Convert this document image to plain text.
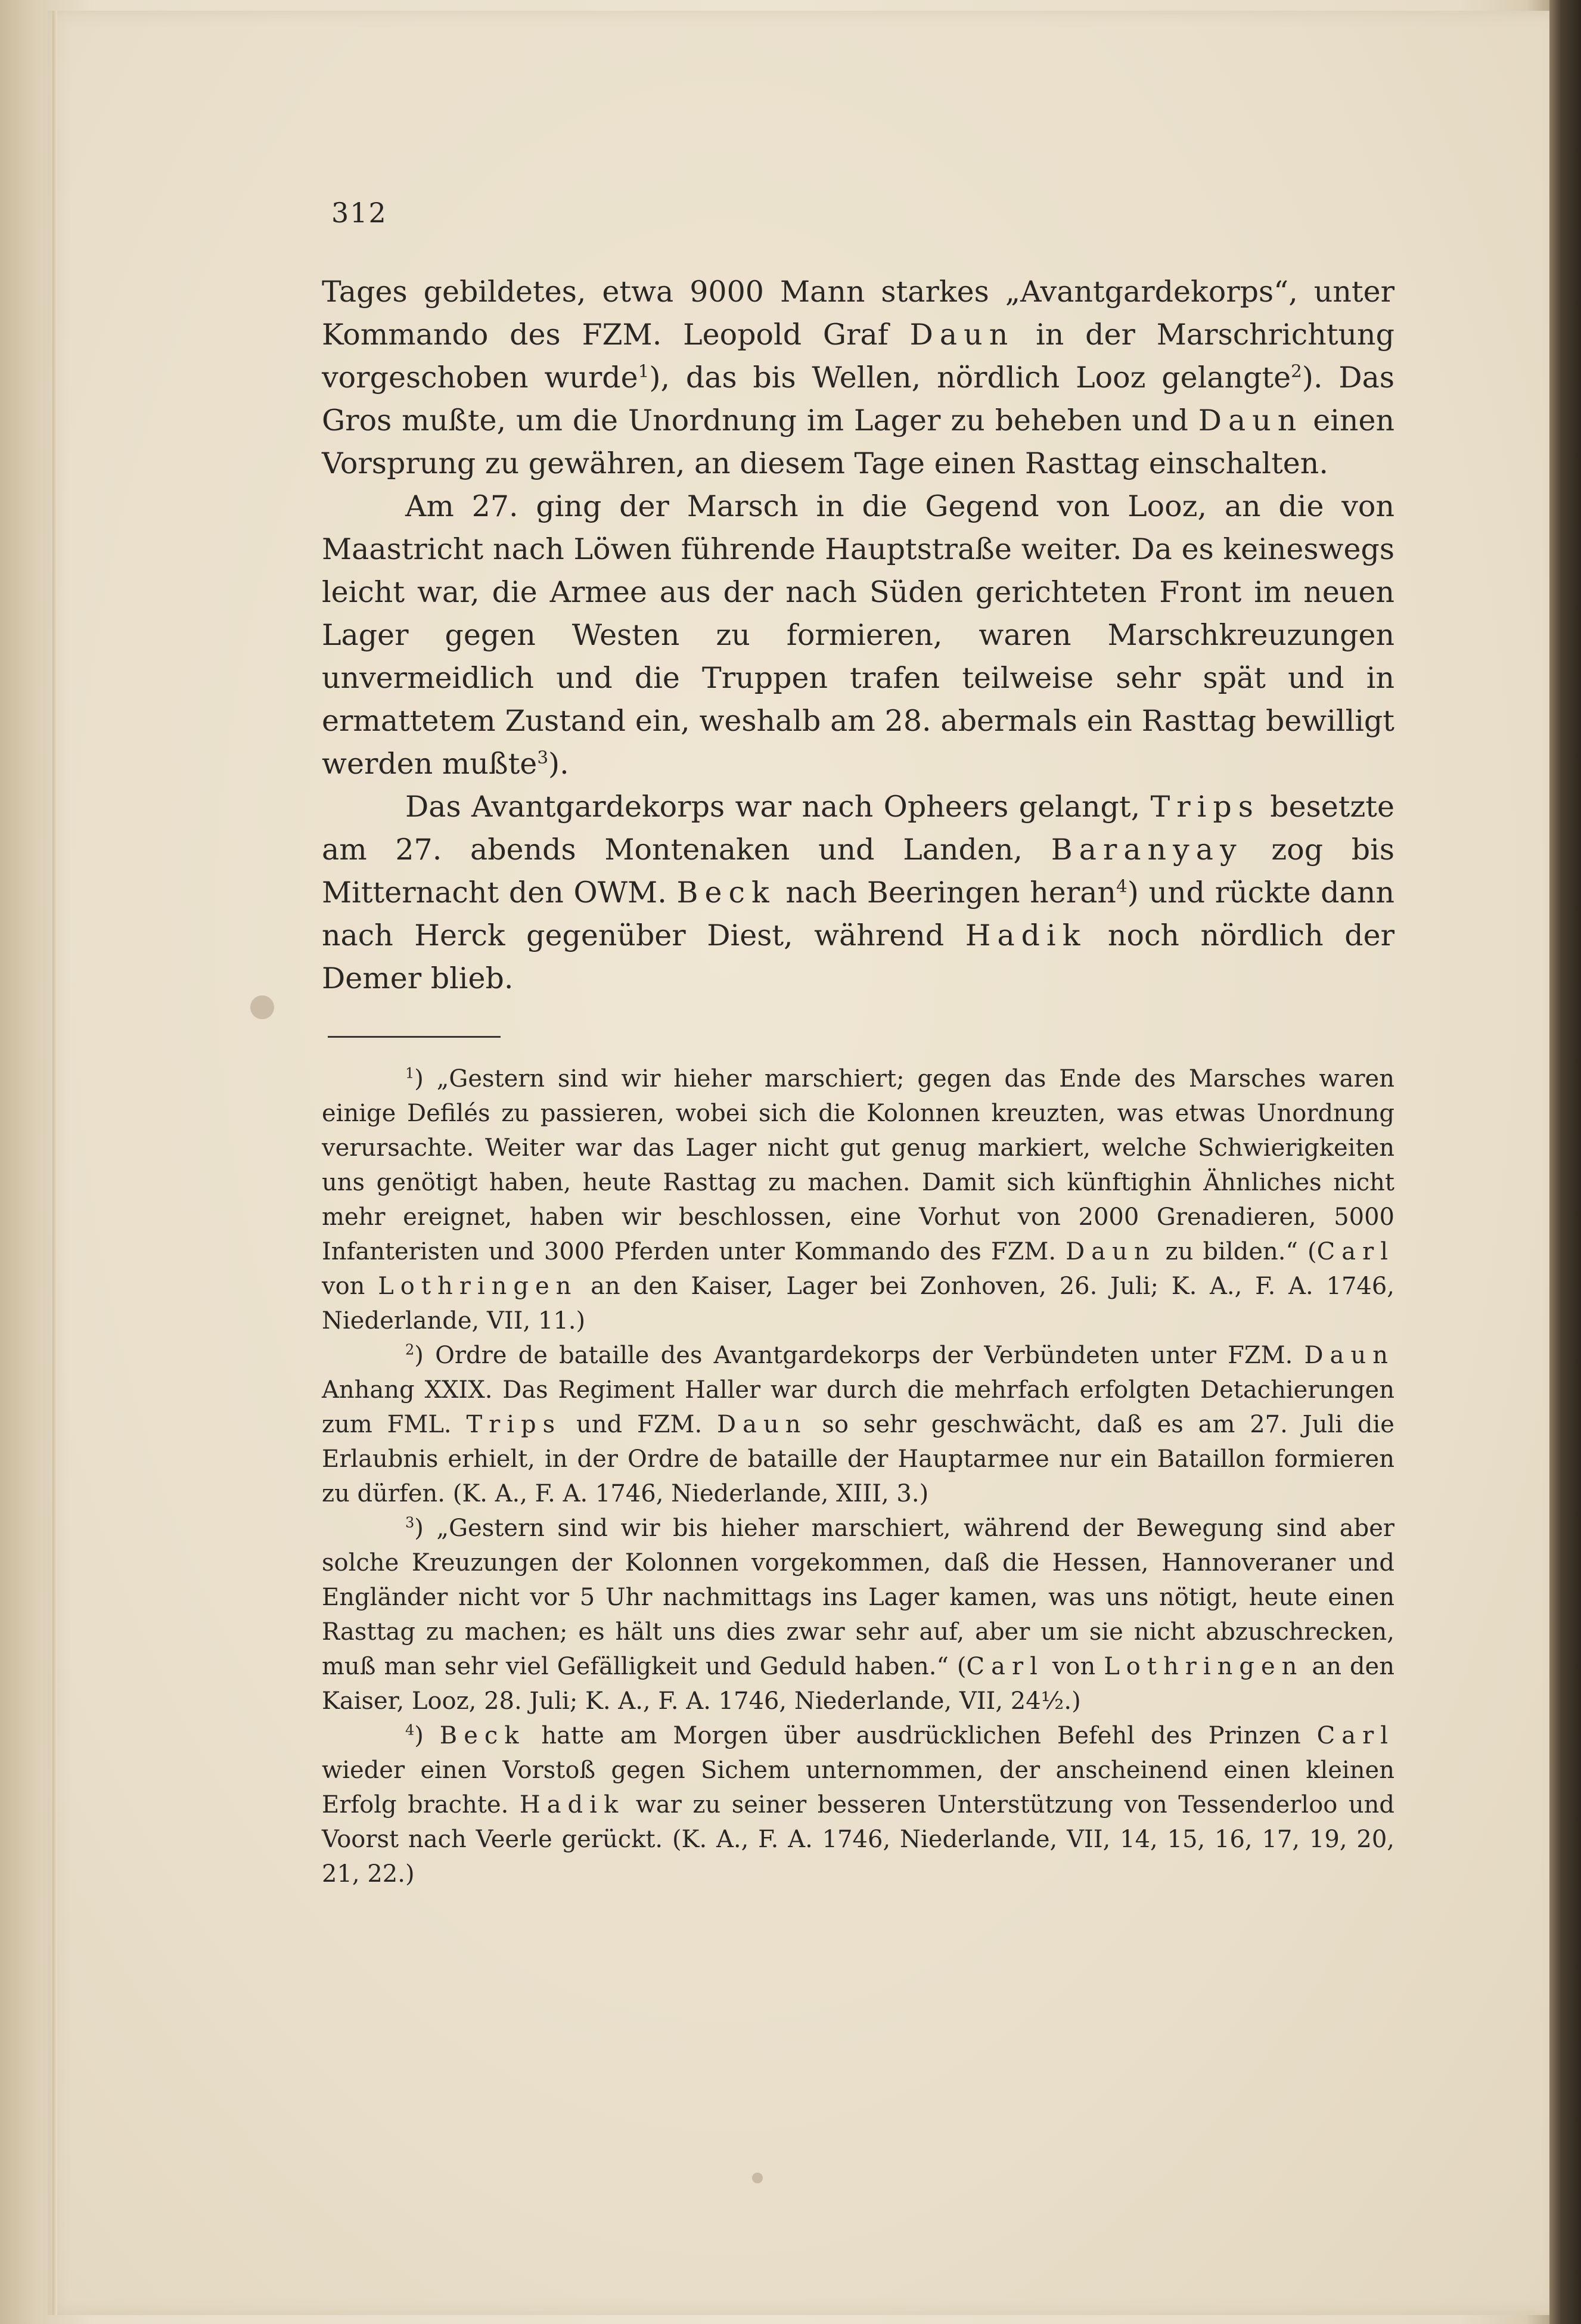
312

Tages gebildetes, etwa 9000 Mann starkes „Avantgardekorps“, unter Kommando des FZM. Leopold Graf Daun in der Marschrichtung vorgeschoben wurde$^1$), das bis Wellen, nördlich Looz gelangte$^2$). Das Gros mußte, um die Unordnung im Lager zu beheben und Daun einen Vorsprung zu gewähren, an diesem Tage einen Rasttag einschalten.

Am 27. ging der Marsch in die Gegend von Looz, an die von Maastricht nach Löwen führende Hauptstraße weiter. Da es keineswegs leicht war, die Armee aus der nach Süden gerichteten Front im neuen Lager gegen Westen zu formieren, waren Marschkreuzungen unvermeidlich und die Truppen trafen teilweise sehr spät und in ermattetem Zustand ein, weshalb am 28. abermals ein Rasttag bewilligt werden mußte$^3$).

Das Avantgardekorps war nach Opheers gelangt, Trips besetzte am 27. abends Montenaken und Landen, Baranyay zog bis Mitternacht den OWM. Beck nach Beeringen heran$^4$) und rückte dann nach Herck gegenüber Diest, während Hadik noch nördlich der Demer blieb.

$^1$) „Gestern sind wir hieher marschiert; gegen das Ende des Marsches waren einige Defilés zu passieren, wobei sich die Kolonnen kreuzten, was etwas Unordnung verursachte. Weiter war das Lager nicht gut genug markiert, welche Schwierigkeiten uns genötigt haben, heute Rasttag zu machen. Damit sich künftighin Ähnliches nicht mehr ereignet, haben wir beschlossen, eine Vorhut von 2000 Grenadieren, 5000 Infanteristen und 3000 Pferden unter Kommando des FZM. Daun zu bilden.“ (Carl von Lothringen an den Kaiser, Lager bei Zonhoven, 26. Juli; K. A., F. A. 1746, Niederlande, VII, 11.)

$^2$) Ordre de bataille des Avantgardekorps der Verbündeten unter FZM. Daun Anhang XXIX. Das Regiment Haller war durch die mehrfach erfolgten Detachierungen zum FML. Trips und FZM. Daun so sehr geschwächt, daß es am 27. Juli die Erlaubnis erhielt, in der Ordre de bataille der Hauptarmee nur ein Bataillon formieren zu dürfen. (K. A., F. A. 1746, Niederlande, XIII, 3.)

$^3$) „Gestern sind wir bis hieher marschiert, während der Bewegung sind aber solche Kreuzungen der Kolonnen vorgekommen, daß die Hessen, Hannoveraner und Engländer nicht vor 5 Uhr nachmittags ins Lager kamen, was uns nötigt, heute einen Rasttag zu machen; es hält uns dies zwar sehr auf, aber um sie nicht abzuschrecken, muß man sehr viel Gefälligkeit und Geduld haben.“ (Carl von Lothringen an den Kaiser, Looz, 28. Juli; K. A., F. A. 1746, Niederlande, VII, 24½.)

$^4$) Beck hatte am Morgen über ausdrücklichen Befehl des Prinzen Carl wieder einen Vorstoß gegen Sichem unternommen, der anscheinend einen kleinen Erfolg brachte. Hadik war zu seiner besseren Unterstützung von Tessenderloo und Voorst nach Veerle gerückt. (K. A., F. A. 1746, Niederlande, VII, 14, 15, 16, 17, 19, 20, 21, 22.)
